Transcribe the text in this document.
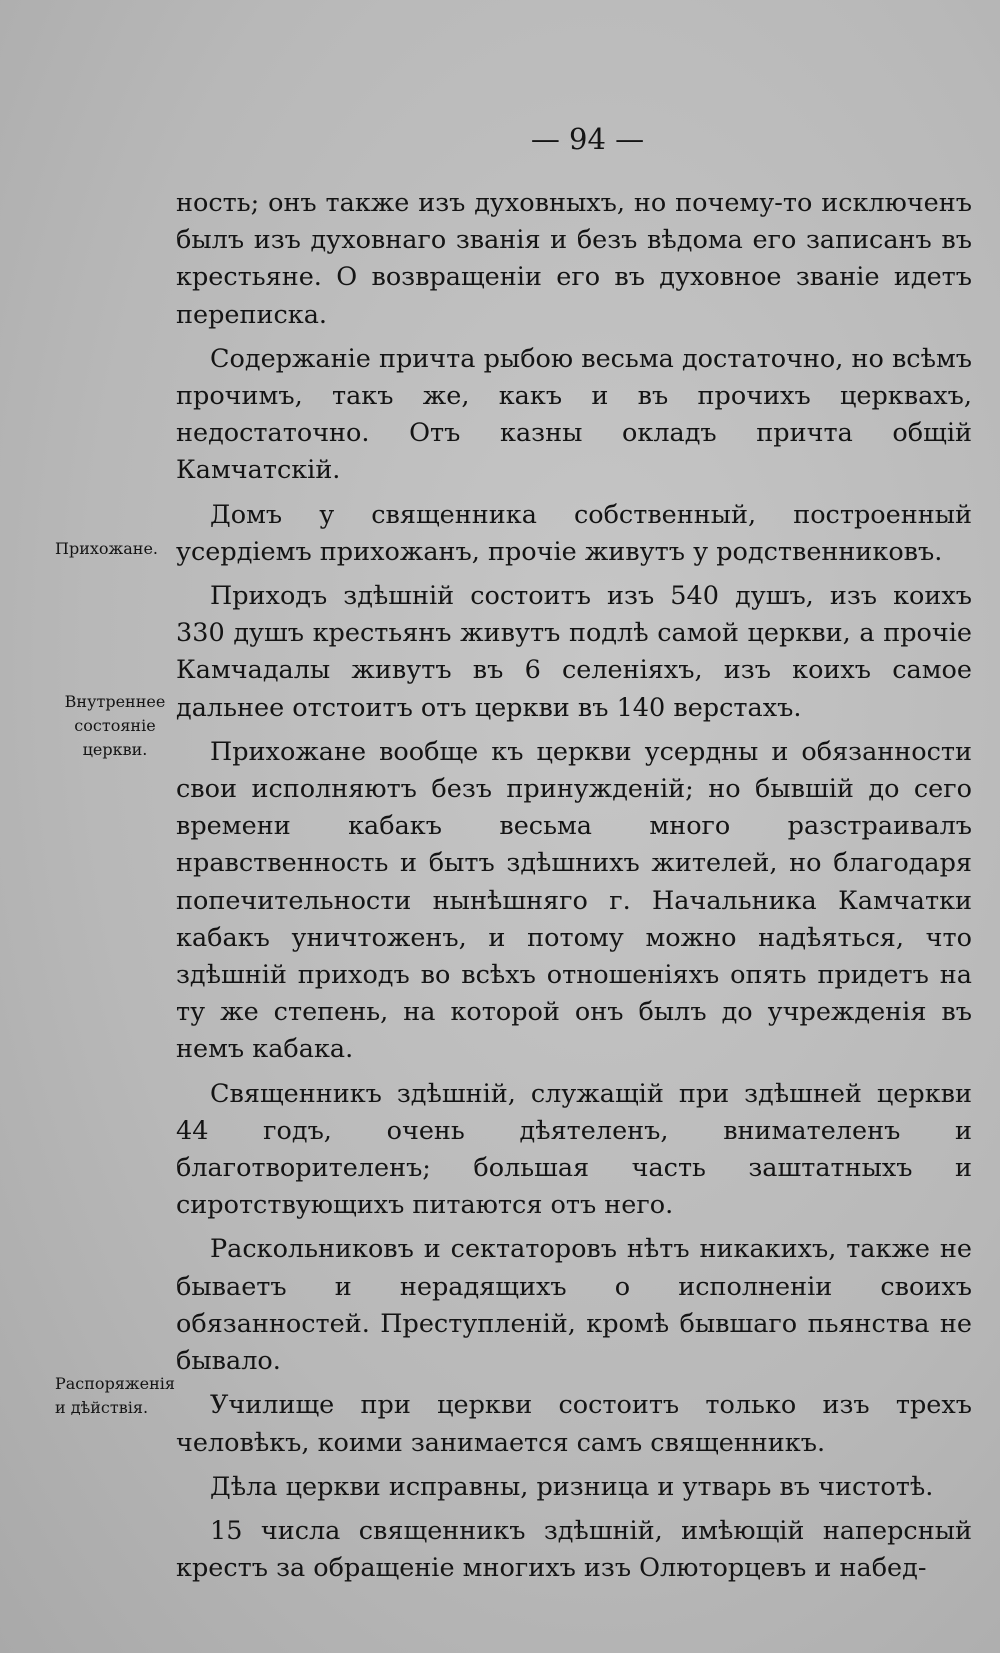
— 94 —
Прихожане.
Внутреннее состояніе церкви.
Распоряженія и дѣйствія.

ность; онъ также изъ духовныхъ, но почему-то исключенъ былъ изъ духовнаго званія и безъ вѣдома его записанъ въ крестьяне. О возвращеніи его въ духовное званіе идетъ переписка.

Содержаніе причта рыбою весьма достаточно, но всѣмъ прочимъ, такъ же, какъ и въ прочихъ церквахъ, недостаточно. Отъ казны окладъ причта общій Камчатскій.

Домъ у священника собственный, построенный усердіемъ прихожанъ, прочіе живутъ у родственниковъ.

Приходъ здѣшній состоитъ изъ 540 душъ, изъ коихъ 330 душъ крестьянъ живутъ подлѣ самой церкви, а прочіе Камчадалы живутъ въ 6 селеніяхъ, изъ коихъ самое дальнее отстоитъ отъ церкви въ 140 верстахъ.

Прихожане вообще къ церкви усердны и обязанности свои исполняютъ безъ принужденій; но бывшій до сего времени кабакъ весьма много разстраивалъ нравственность и бытъ здѣшнихъ жителей, но благодаря попечительности нынѣшняго г. Начальника Камчатки кабакъ уничтоженъ, и потому можно надѣяться, что здѣшній приходъ во всѣхъ отношеніяхъ опять придетъ на ту же степень, на которой онъ былъ до учрежденія въ немъ кабака.

Священникъ здѣшній, служащій при здѣшней церкви 44 годъ, очень дѣятеленъ, внимателенъ и благотворителенъ; большая часть заштатныхъ и сиротствующихъ питаются отъ него.

Раскольниковъ и сектаторовъ нѣтъ никакихъ, также не бываетъ и нерадящихъ о исполненіи своихъ обязанностей. Преступленій, кромѣ бывшаго пьянства не бывало.

Училище при церкви состоитъ только изъ трехъ человѣкъ, коими занимается самъ священникъ.

Дѣла церкви исправны, ризница и утварь въ чистотѣ.

15 числа священникъ здѣшній, имѣющій наперсный крестъ за обращеніе многихъ изъ Олюторцевъ и набед-
